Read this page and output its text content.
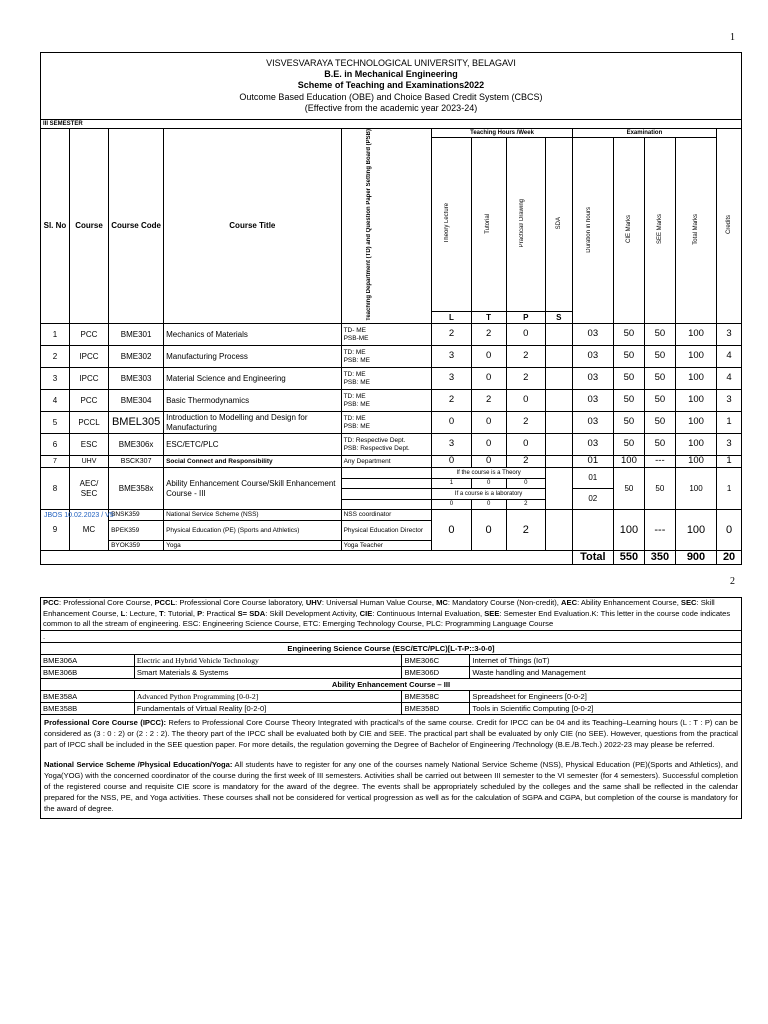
1
VISVESVARAYA TECHNOLOGICAL UNIVERSITY, BELAGAVI
B.E. in Mechanical Engineering
Scheme of Teaching and Examinations2022
Outcome Based Education (OBE) and Choice Based Credit System (CBCS)
(Effective from the academic year 2023-24)													

III SEMESTER													
Sl. No	Course	Course Code	Course Title	Teaching Department (TD) and Question Paper Setting Board (PSB)	Teaching Hours /Week				Examination				Credits
					Theory Lecture	Tutorial	Practical/ Drawing	SDA	Duration in hours	CIE Marks	SEE Marks	Total Marks	
					L	T	P	S					
1	PCC	BME301	Mechanics of Materials	TD- ME
PSB-ME	2	2	0		03	50	50	100	3
2	IPCC	BME302	Manufacturing Process	TD: ME
PSB: ME	3	0	2		03	50	50	100	4
3	IPCC	BME303	Material Science and Engineering	TD: ME
PSB: ME	3	0	2		03	50	50	100	4
4	PCC	BME304	Basic Thermodynamics	TD: ME
PSB: ME	2	2	0		03	50	50	100	3
5	PCCL	BMEL305	Introduction to Modelling and Design for Manufacturing	TD: ME
PSB: ME	0	0	2		03	50	50	100	1
6	ESC	BME306x	ESC/ETC/PLC	TD: Respective Dept.
PSB: Respective Dept.	3	0	0		03	50	50	100	3
7	UHV	BSCK307	Social Connect and Responsibility	Any Department	0	0	2		01	100	---	100	1
8	AEC/ SEC	BME358x	Ability Enhancement Course/Skill Enhancement Course - III		If the course is a Theory				01	50	50	100	1
					1	0	0						
					If a course is a laboratory				02				
					0	0	2						
9	MC	BNSK359	National Service Scheme (NSS)	NSS coordinator	0	0	2			100	---	100	0
		BPEK359	Physical Education (PE) (Sports and Athletics)	Physical Education Director									
		BYOK359	Yoga	Yoga Teacher									
									Total	550	350	900	20
JBOS 10.02.2023 / V5
2
PCC: Professional Core Course, PCCL: Professional Core Course laboratory, UHV: Universal Human Value Course, MC: Mandatory Course (Non-credit), AEC: Ability Enhancement Course, SEC: Skill Enhancement Course, L: Lecture, T: Tutorial, P: Practical S= SDA: Skill Development Activity, CIE: Continuous Internal Evaluation, SEE: Semester End Evaluation.K: This letter in the course code indicates common to all the stream of engineering. ESC: Engineering Science Course, ETC: Emerging Technology Course, PLC: Programming Language Course			
.			
Engineering Science Course (ESC/ETC/PLC)[L-T-P::3-0-0]			
BME306A	Electric and Hybrid Vehicle Technology	BME306C	Internet of Things (IoT)
BME306B	Smart Materials & Systems	BME306D	Waste handling and Management
Ability Enhancement Course – III			
BME358A	Advanced Python Programming [0-0-2]	BME358C	Spreadsheet for Engineers [0-0-2]
BME358B	Fundamentals of Virtual Reality [0-2-0]	BME358D	Tools in Scientific Computing [0-0-2]

Professional Core Course (IPCC): Refers to Professional Core Course Theory Integrated with practical's of the same course. Credit for IPCC can be 04 and its Teaching–Learning hours (L : T : P) can be considered as (3 : 0 : 2) or (2 : 2 : 2). The theory part of the IPCC shall be evaluated both by CIE and SEE. The practical part shall be evaluated by only CIE (no SEE). However, questions from the practical part of IPCC shall be included in the SEE question paper. For more details, the regulation governing the Degree of Bachelor of Engineering /Technology (B.E./B.Tech.) 2022-23 may please be referred.
National Service Scheme /Physical Education/Yoga: All students have to register for any one of the courses namely National Service Scheme (NSS), Physical Education (PE)(Sports and Athletics), and Yoga(YOG) with the concerned coordinator of the course during the first week of III semesters. Activities shall be carried out between III semester to the VI semester (for 4 semesters). Successful completion of the registered course and requisite CIE score is mandatory for the award of the degree. The events shall be appropriately scheduled by the colleges and the same shall be reflected in the calendar prepared for the NSS, PE, and Yoga activities. These courses shall not be considered for vertical progression as well as for the calculation of SGPA and CGPA, but completion of the course is mandatory for the award of degree.			
